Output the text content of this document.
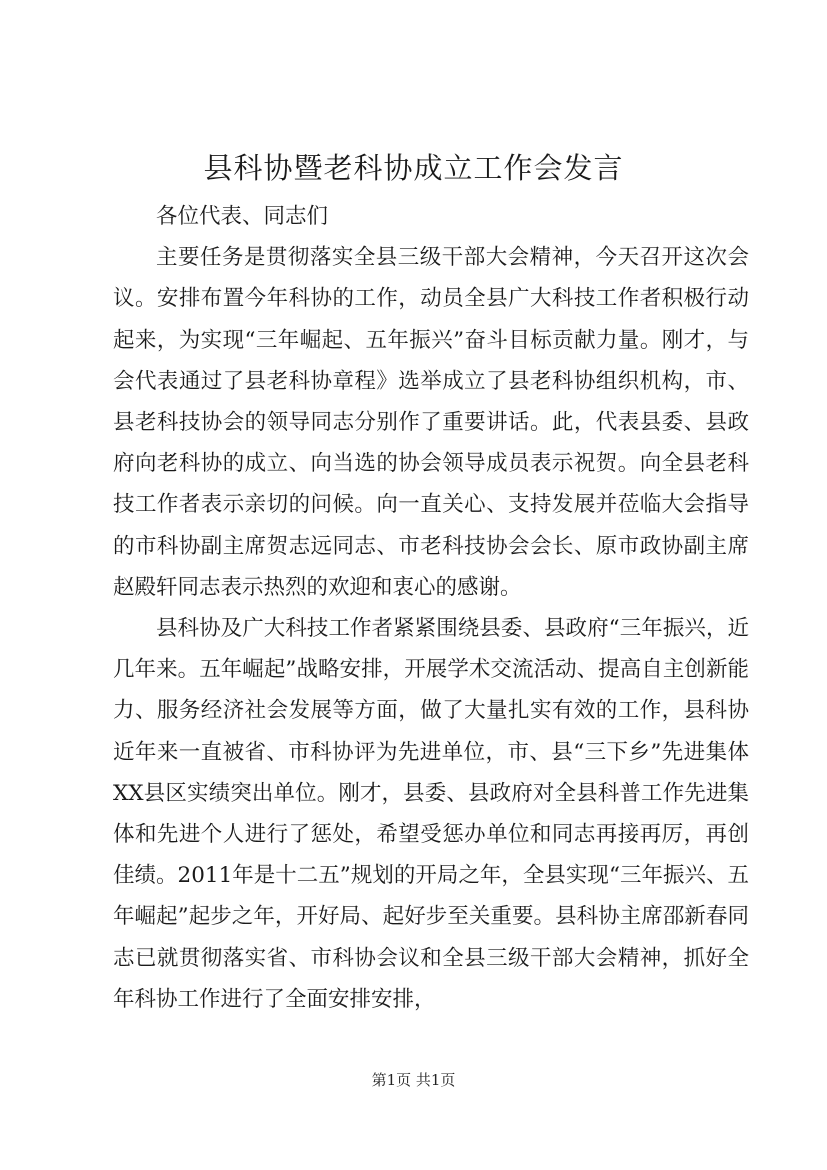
县科协暨老科协成立工作会发言

各位代表、同志们

主要任务是贯彻落实全县三级干部大会精神，今天召开这次会议。安排布置今年科协的工作，动员全县广大科技工作者积极行动起来，为实现“三年崛起、五年振兴”奋斗目标贡献力量。刚才，与会代表通过了县老科协章程》选举成立了县老科协组织机构，市、县老科技协会的领导同志分别作了重要讲话。此，代表县委、县政府向老科协的成立、向当选的协会领导成员表示祝贺。向全县老科技工作者表示亲切的问候。向一直关心、支持发展并莅临大会指导的市科协副主席贺志远同志、市老科技协会会长、原市政协副主席赵殿轩同志表示热烈的欢迎和衷心的感谢。

县科协及广大科技工作者紧紧围绕县委、县政府“三年振兴，近几年来。五年崛起”战略安排，开展学术交流活动、提高自主创新能力、服务经济社会发展等方面，做了大量扎实有效的工作，县科协近年来一直被省、市科协评为先进单位，市、县“三下乡”先进集体XX县区实绩突出单位。刚才，县委、县政府对全县科普工作先进集体和先进个人进行了惩处，希望受惩办单位和同志再接再厉，再创佳绩。2011年是十二五”规划的开局之年，全县实现“三年振兴、五年崛起”起步之年，开好局、起好步至关重要。县科协主席邵新春同志已就贯彻落实省、市科协会议和全县三级干部大会精神，抓好全年科协工作进行了全面安排安排，

第1页 共1页
